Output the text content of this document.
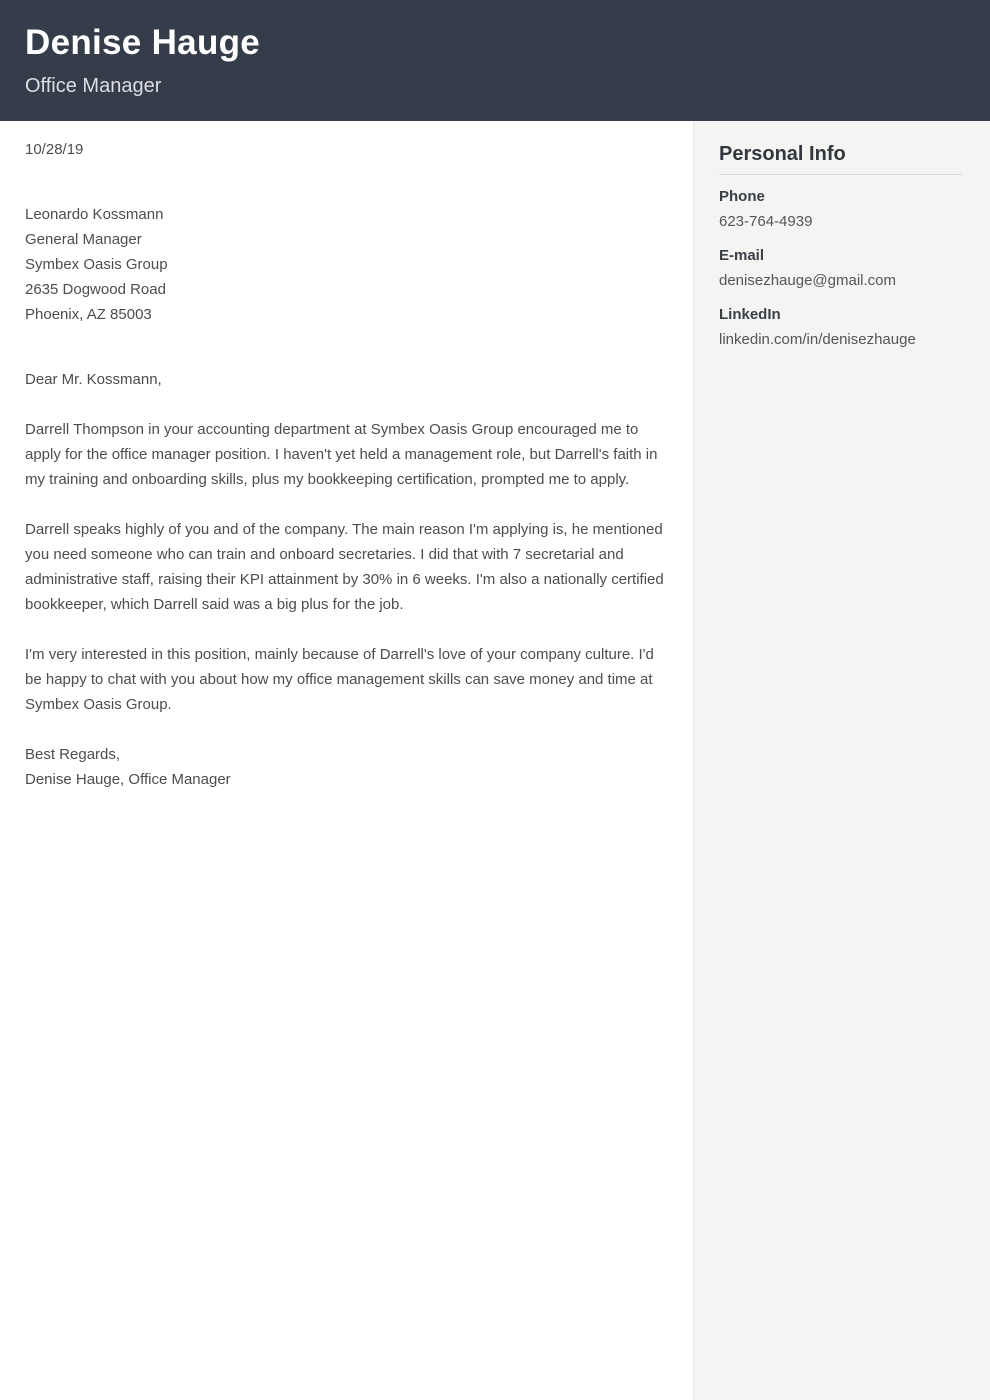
Denise Hauge
Office Manager
10/28/19
Leonardo Kossmann
General Manager
Symbex Oasis Group
2635 Dogwood Road
Phoenix, AZ 85003
Dear Mr. Kossmann,

Darrell Thompson in your accounting department at Symbex Oasis Group encouraged me to apply for the office manager position. I haven't yet held a management role, but Darrell's faith in my training and onboarding skills, plus my bookkeeping certification, prompted me to apply.

Darrell speaks highly of you and of the company. The main reason I'm applying is, he mentioned you need someone who can train and onboard secretaries. I did that with 7 secretarial and administrative staff, raising their KPI attainment by 30% in 6 weeks. I'm also a nationally certified bookkeeper, which Darrell said was a big plus for the job.

I'm very interested in this position, mainly because of Darrell's love of your company culture. I'd be happy to chat with you about how my office management skills can save money and time at Symbex Oasis Group.

Best Regards,
Denise Hauge, Office Manager
Personal Info
Phone
623-764-4939
E-mail
denisezhauge@gmail.com
LinkedIn
linkedin.com/in/denisezhauge
